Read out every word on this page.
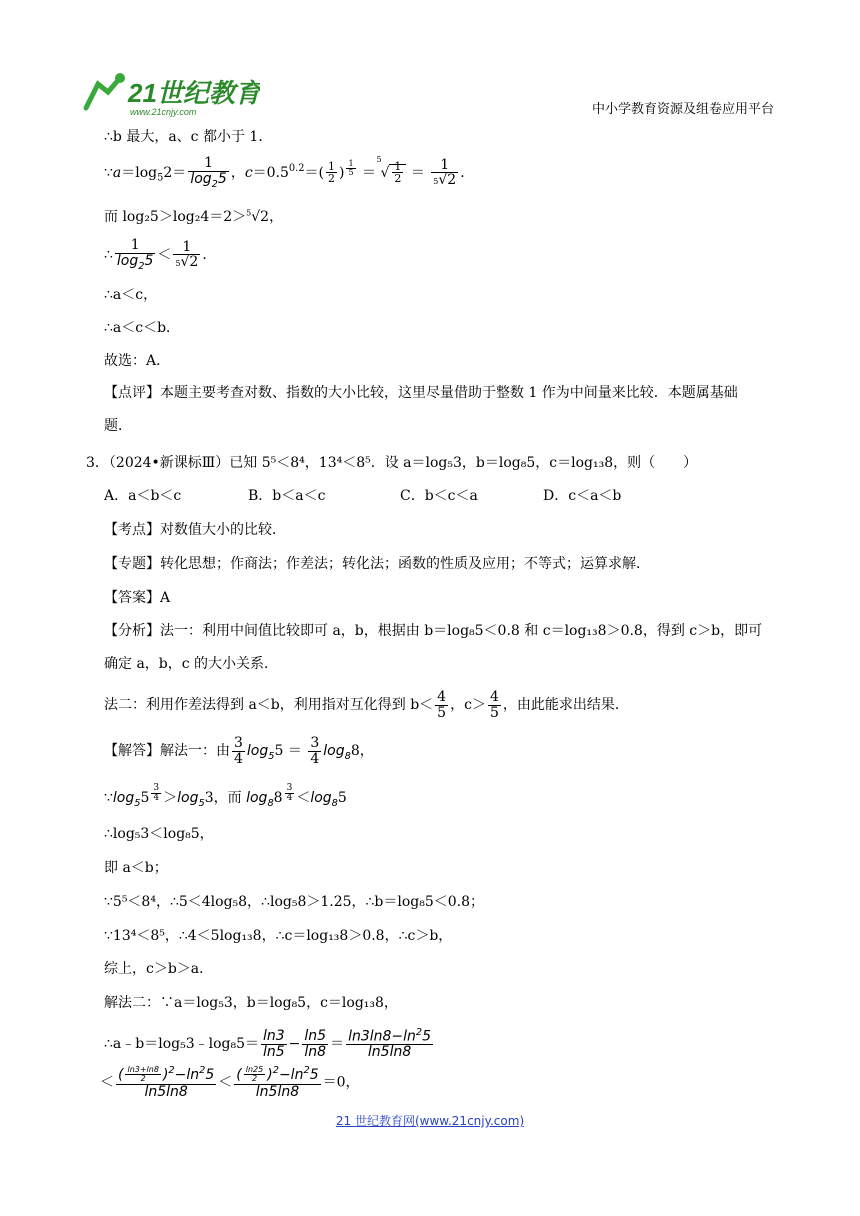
21世纪教育
www.21cnjy.com	中小学教育资源及组卷应用平台
∴b 最大，a、c 都小于 1．
$\because a=\log_52= \frac{1}{\log_25}$ ，$c=0.5^{0.2}=( \frac{1}{2}$ ) $^{\frac{1}{5}}$ ＝
5
√ $\frac{1}{2} = \frac{1}{5√2}$ ．
而 log₂5＞log₂4＝2＞$^5$√2，
∴ $\frac{1}{\log_25} < \frac{1}{5√2}$ ．
∴a＜c，
∴a＜c＜b．
故选：A．
【点评】本题主要考查对数、指数的大小比较，这里尽量借助于整数 1 作为中间量来比较．本题属基础
题．
3．（2024•新课标Ⅲ）已知 5⁵＜8⁴，13⁴＜8⁵．设 a＝log₅3，b＝log₈5，c＝log₁₃8，则（　　）
A．a＜b＜c	B．b＜a＜c	C．b＜c＜a	D．c＜a＜b
【考点】对数值大小的比较．
【专题】转化思想；作商法；作差法；转化法；函数的性质及应用；不等式；运算求解．
【答案】A
【分析】法一：利用中间值比较即可 a，b，根据由 b＝log₈5＜0.8 和 c＝log₁₃8＞0.8，得到 c＞b，即可
确定 a，b，c 的大小关系．
法二：利用作差法得到 a＜b，利用指对互化得到 $b< \frac{4}{5}$ ，$c> \frac{4}{5}$ ，由此能求出结果．
【解答】解法一：由 $\frac{3}{4} \log_55 = \frac{3}{4} \log_88$，
$\because\log_55$ $^{\frac{3}{4}} >\log_53$，而 $\log_88$ $^{\frac{3}{4}} <\log_85$
∴log₅3＜log₈5，
即 a＜b；
∵5⁵＜8⁴，∴5＜4log₅8，∴log₅8＞1.25，∴b＝log₈5＜0.8；
∵13⁴＜8⁵，∴4＜5log₁₃8，∴c＝log₁₃8＞0.8，∴c＞b，
综上，c＞b＞a．
解法二：∵a＝log₅3，b＝log₈5，c＝log₁₃8，
∴a﹣b＝log₅3﹣log₈5＝ $\frac{\ln 3}{\ln 5} - \frac{\ln 5}{\ln 8} = \frac{\ln 3\ln 8-\ln^25}{\ln 5\ln 8}$
＜ $\frac{( \frac{\ln 3+\ln 8}{2} )^2-\ln^25}{\ln 5\ln 8} < \frac{( \frac{\ln 25}{2} )^2-\ln^25}{\ln 5\ln 8} =0$，
21 世纪教育网(www.21cnjy.com)
